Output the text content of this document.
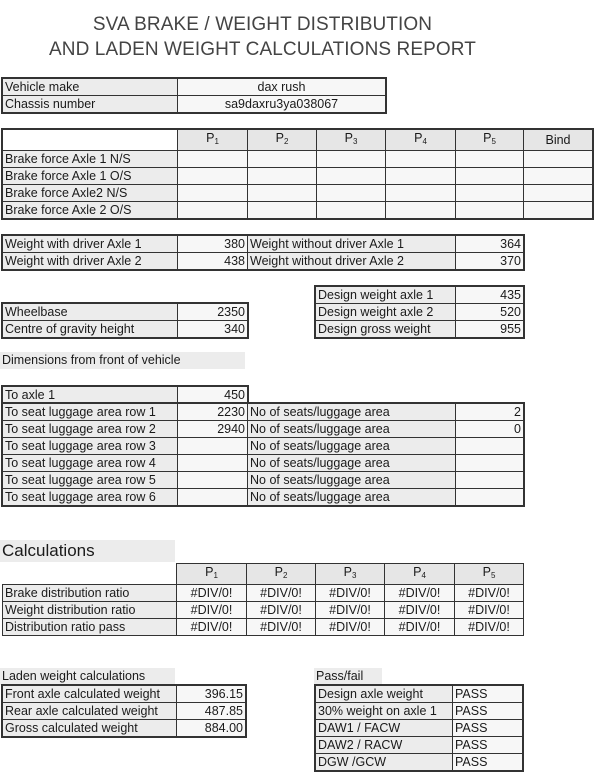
SVA BRAKE / WEIGHT DISTRIBUTION
AND LADEN WEIGHT CALCULATIONS REPORT
Vehicle make	dax rush
Chassis number	sa9daxru3ya038067
	$P_1$	$P_2$	$P_3$	$P_4$	$P_5$	Bind
Brake force Axle 1 N/S						
Brake force Axle 1 O/S						
Brake force Axle2 N/S						
Brake force Axle 2 O/S						
Weight with driver Axle 1	380	Weight without driver Axle 1	364
Weight with driver Axle 2	438	Weight without driver Axle 2	370
Design weight axle 1	435
Design weight axle 2	520
Design gross weight	955
Wheelbase	2350
Centre of gravity height	340
Dimensions from front of vehicle
To axle 1	450
To seat luggage area row 1	2230	No of seats/luggage area	2
To seat luggage area row 2	2940	No of seats/luggage area	0
To seat luggage area row 3		No of seats/luggage area	
To seat luggage area row 4		No of seats/luggage area	
To seat luggage area row 5		No of seats/luggage area	
To seat luggage area row 6		No of seats/luggage area	
Calculations
	$P_1$	$P_2$	$P_3$	$P_4$	$P_5$
Brake distribution ratio	#DIV/0!	#DIV/0!	#DIV/0!	#DIV/0!	#DIV/0!
Weight distribution ratio	#DIV/0!	#DIV/0!	#DIV/0!	#DIV/0!	#DIV/0!
Distribution ratio pass	#DIV/0!	#DIV/0!	#DIV/0!	#DIV/0!	#DIV/0!
Laden weight calculations
Front axle calculated weight	396.15
Rear axle calculated weight	487.85
Gross calculated weight	884.00
Pass/fail
Design axle weight	PASS
30% weight on axle 1	PASS
DAW1 / FACW	PASS
DAW2 / RACW	PASS
DGW /GCW	PASS
